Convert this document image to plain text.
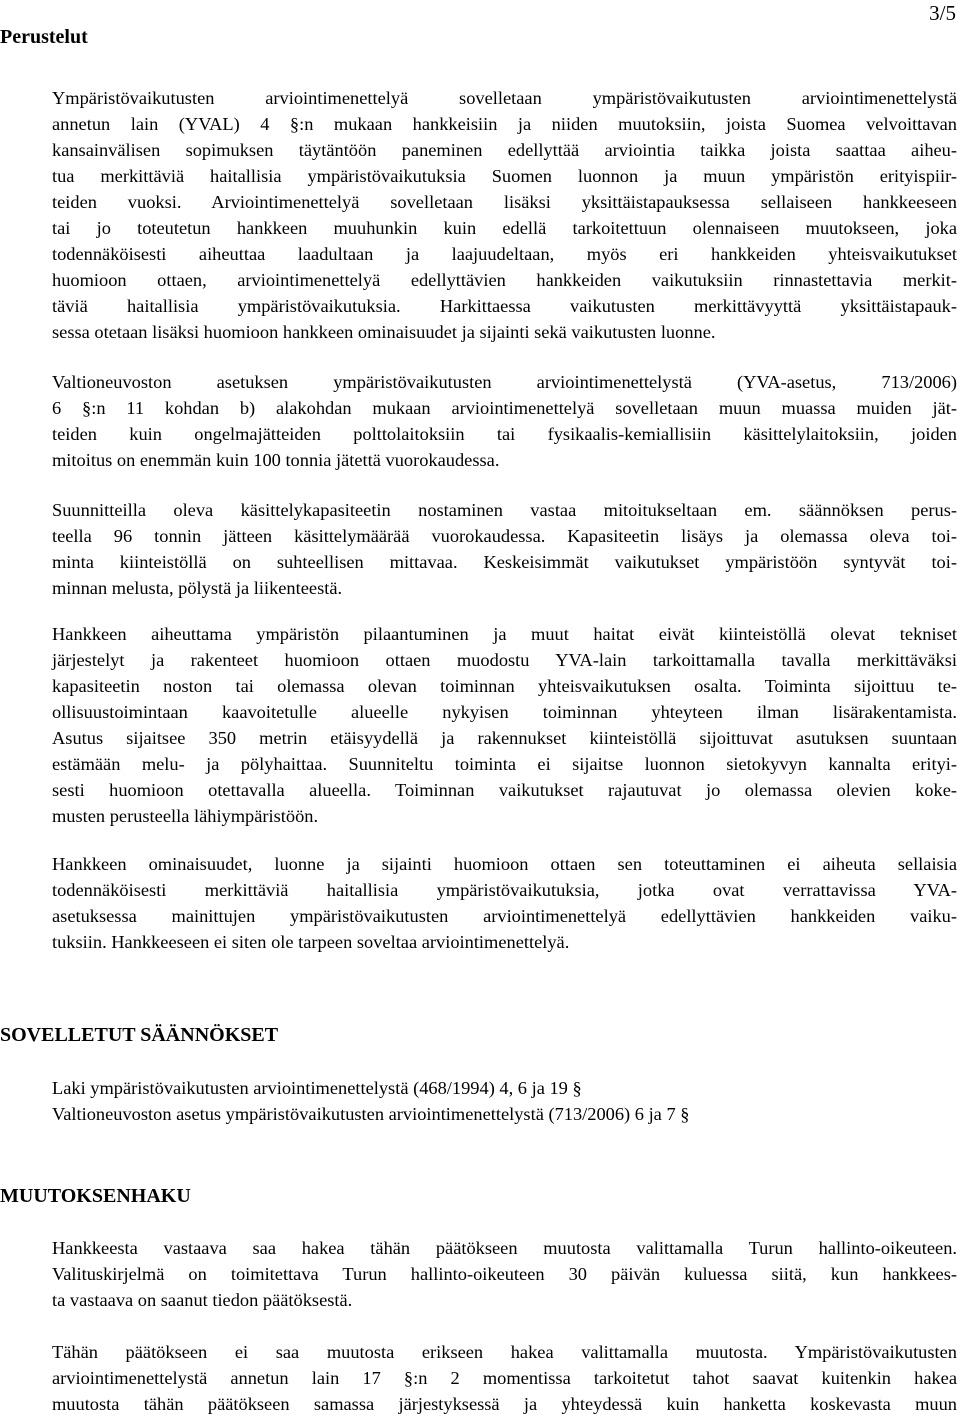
3/5
Perustelut
Ympäristövaikutusten arviointimenettelyä sovelletaan ympäristövaikutusten arviointimenettelystä
annetun lain (YVAL) 4 §:n mukaan hankkeisiin ja niiden muutoksiin, joista Suomea velvoittavan
kansainvälisen sopimuksen täytäntöön paneminen edellyttää arviointia taikka joista saattaa aiheu-
tua merkittäviä haitallisia ympäristövaikutuksia Suomen luonnon ja muun ympäristön erityispiir-
teiden vuoksi. Arviointimenettelyä sovelletaan lisäksi yksittäistapauksessa sellaiseen hankkeeseen
tai jo toteutetun hankkeen muuhunkin kuin edellä tarkoitettuun olennaiseen muutokseen, joka
todennäköisesti aiheuttaa laadultaan ja laajuudeltaan, myös eri hankkeiden yhteisvaikutukset
huomioon ottaen, arviointimenettelyä edellyttävien hankkeiden vaikutuksiin rinnastettavia merkit-
täviä haitallisia ympäristövaikutuksia. Harkittaessa vaikutusten merkittävyyttä yksittäistapauk-
sessa otetaan lisäksi huomioon hankkeen ominaisuudet ja sijainti sekä vaikutusten luonne.
Valtioneuvoston asetuksen ympäristövaikutusten arviointimenettelystä (YVA-asetus, 713/2006)
6 §:n 11 kohdan b) alakohdan mukaan arviointimenettelyä sovelletaan muun muassa muiden jät-
teiden kuin ongelmajätteiden polttolaitoksiin tai fysikaalis-kemiallisiin käsittelylaitoksiin, joiden
mitoitus on enemmän kuin 100 tonnia jätettä vuorokaudessa.
Suunnitteilla oleva käsittelykapasiteetin nostaminen vastaa mitoitukseltaan em. säännöksen perus-
teella 96 tonnin jätteen käsittelymäärää vuorokaudessa. Kapasiteetin lisäys ja olemassa oleva toi-
minta kiinteistöllä on suhteellisen mittavaa. Keskeisimmät vaikutukset ympäristöön syntyvät toi-
minnan melusta, pölystä ja liikenteestä.
Hankkeen aiheuttama ympäristön pilaantuminen ja muut haitat eivät kiinteistöllä olevat tekniset
järjestelyt ja rakenteet huomioon ottaen muodostu YVA-lain tarkoittamalla tavalla merkittäväksi
kapasiteetin noston tai olemassa olevan toiminnan yhteisvaikutuksen osalta. Toiminta sijoittuu te-
ollisuustoimintaan kaavoitetulle alueelle nykyisen toiminnan yhteyteen ilman lisärakentamista.
Asutus sijaitsee 350 metrin etäisyydellä ja rakennukset kiinteistöllä sijoittuvat asutuksen suuntaan
estämään melu- ja pölyhaittaa. Suunniteltu toiminta ei sijaitse luonnon sietokyvyn kannalta erityi-
sesti huomioon otettavalla alueella. Toiminnan vaikutukset rajautuvat jo olemassa olevien koke-
musten perusteella lähiympäristöön.
Hankkeen ominaisuudet, luonne ja sijainti huomioon ottaen sen toteuttaminen ei aiheuta sellaisia
todennäköisesti merkittäviä haitallisia ympäristövaikutuksia, jotka ovat verrattavissa YVA-
asetuksessa mainittujen ympäristövaikutusten arviointimenettelyä edellyttävien hankkeiden vaiku-
tuksiin. Hankkeeseen ei siten ole tarpeen soveltaa arviointimenettelyä.
SOVELLETUT SÄÄNNÖKSET
Laki ympäristövaikutusten arviointimenettelystä (468/1994) 4, 6 ja 19 §
Valtioneuvoston asetus ympäristövaikutusten arviointimenettelystä (713/2006) 6 ja 7 §
MUUTOKSENHAKU
Hankkeesta vastaava saa hakea tähän päätökseen muutosta valittamalla Turun hallinto-oikeuteen.
Valituskirjelmä on toimitettava Turun hallinto-oikeuteen 30 päivän kuluessa siitä, kun hankkees-
ta vastaava on saanut tiedon päätöksestä.
Tähän päätökseen ei saa muutosta erikseen hakea valittamalla muutosta. Ympäristövaikutusten
arviointimenettelystä annetun lain 17 §:n 2 momentissa tarkoitetut tahot saavat kuitenkin hakea
muutosta tähän päätökseen samassa järjestyksessä ja yhteydessä kuin hanketta koskevasta muun
